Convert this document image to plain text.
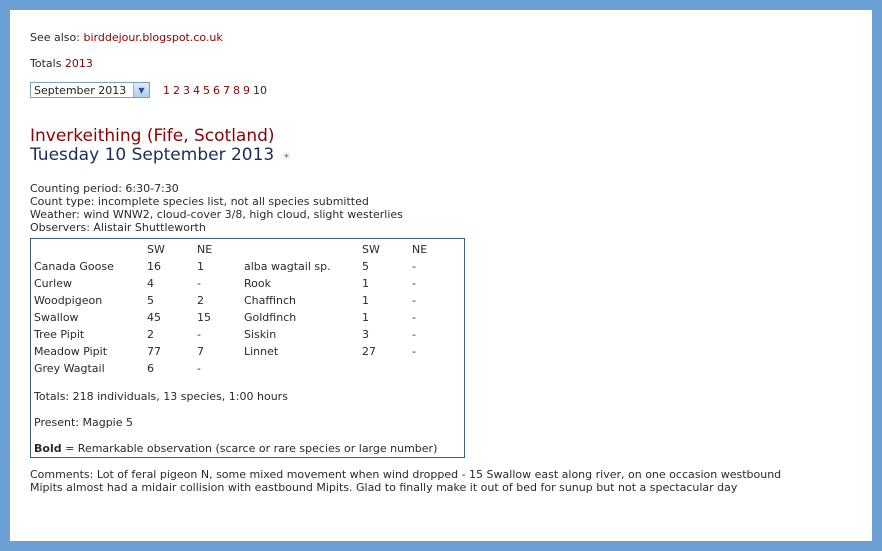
See also: birddejour.blogspot.co.uk
Totals 2013
September 2013	▼	1 2 3 4 5 6 7 8 9 10
Inverkeithing (Fife, Scotland)
Tuesday 10 September 2013 ☀
Counting period: 6:30-7:30
Count type: incomplete species list, not all species submitted
Weather: wind WNW2, cloud-cover 3/8, high cloud, slight westerlies
Observers: Alistair Shuttleworth
	SW	NE		SW	NE
Canada Goose	16	1	alba wagtail sp.	5	-
Curlew	4	-	Rook	1	-
Woodpigeon	5	2	Chaffinch	1	-
Swallow	45	15	Goldfinch	1	-
Tree Pipit	2	-	Siskin	3	-
Meadow Pipit	77	7	Linnet	27	-
Grey Wagtail	6	-			
Totals: 218 individuals, 13 species, 1:00 hours
Present: Magpie 5
Bold = Remarkable observation (scarce or rare species or large number)
Comments: Lot of feral pigeon N, some mixed movement when wind dropped - 15 Swallow east along river, on one occasion westbound Mipits almost had a midair collision with eastbound Mipits. Glad to finally make it out of bed for sunup but not a spectacular day
